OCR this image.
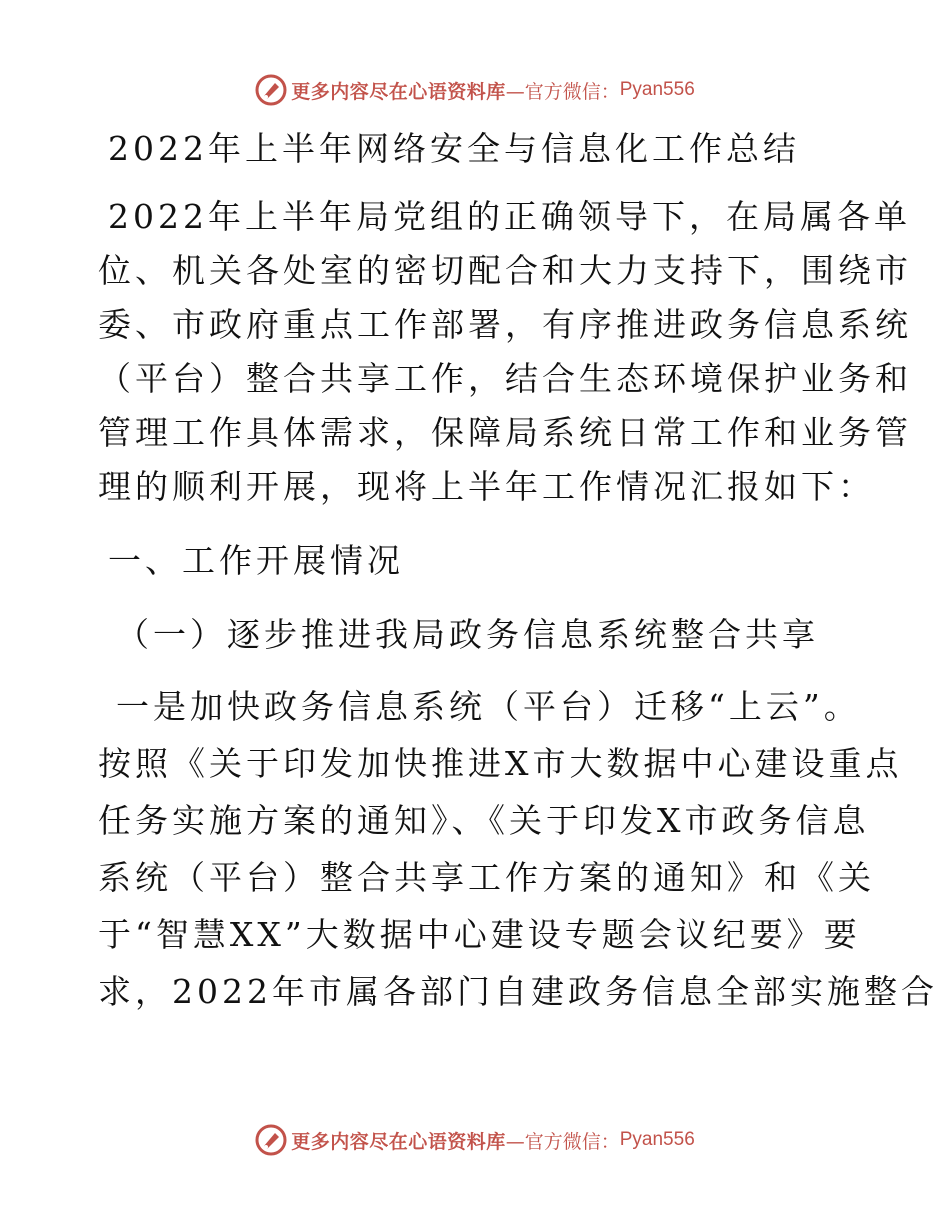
更多内容尽在心语资料库 —官方微信： Pyan556
2022年上半年网络安全与信息化工作总结
2022年上半年局党组的正确领导下，在局属各单
位、机关各处室的密切配合和大力支持下，围绕市
委、市政府重点工作部署，有序推进政务信息系统
（平台）整合共享工作，结合生态环境保护业务和
管理工作具体需求，保障局系统日常工作和业务管
理的顺利开展，现将上半年工作情况汇报如下：
一、工作开展情况
（一）逐步推进我局政务信息系统整合共享
一是加快政务信息系统（平台）迁移“上云”。
按照《关于印发加快推进X市大数据中心建设重点
任务实施方案的通知》、《关于印发X市政务信息
系统（平台）整合共享工作方案的通知》和《关
于“智慧XX”大数据中心建设专题会议纪要》要
求，2022年市属各部门自建政务信息全部实施整合
更多内容尽在心语资料库 —官方微信： Pyan556
